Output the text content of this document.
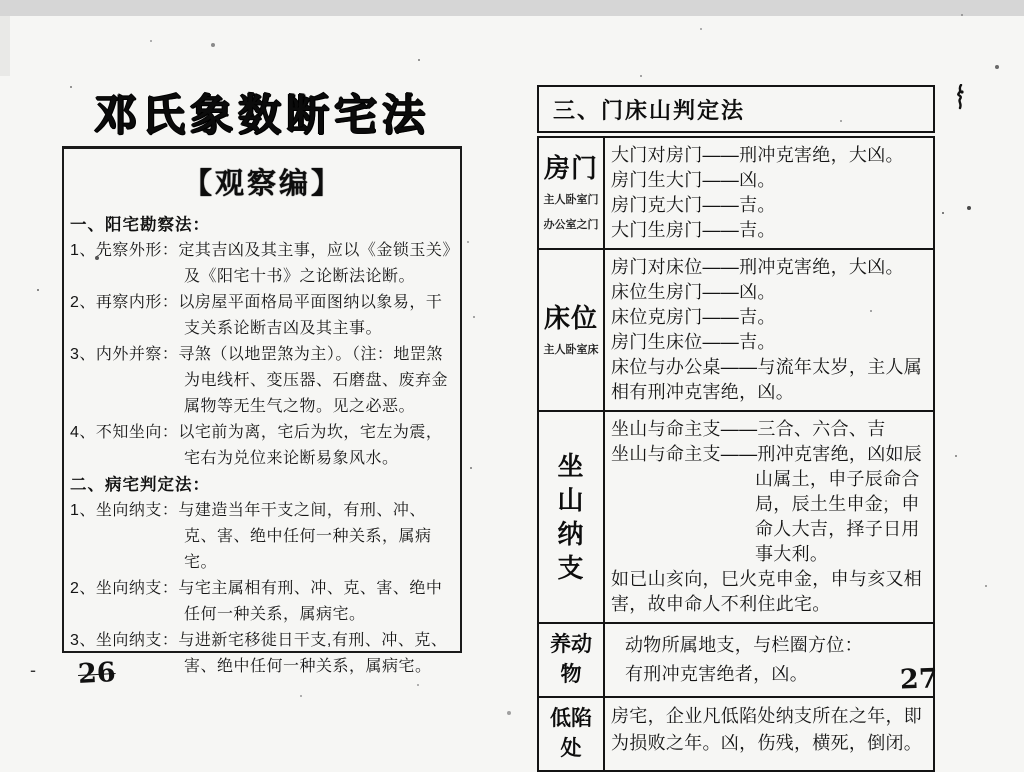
邓氏象数断宅法
【观察编】
一、阳宅勘察法：
1、先察外形：定其吉凶及其主事，应以《金锁玉关》及《阳宅十书》之论断法论断。
2、再察内形：以房屋平面格局平面图纳以象易，干支关系论断吉凶及其主事。
3、内外并察：寻煞（以地罡煞为主）。（注：地罡煞为电线杆、变压器、石磨盘、废弃金属物等无生气之物。见之必恶。
4、不知坐向：以宅前为离，宅后为坎，宅左为震，宅右为兑位来论断易象风水。
二、病宅判定法：
1、坐向纳支：与建造当年干支之间，有刑、冲、克、害、绝中任何一种关系，属病宅。
2、坐向纳支：与宅主属相有刑、冲、克、害、绝中任何一种关系，属病宅。
3、坐向纳支：与进新宅移徙日干支,有刑、冲、克、害、绝中任何一种关系，属病宅。
- 26
三、门床山判定法
房门
主人卧室门
办公室之门
大门对房门——刑冲克害绝，大凶。
房门生大门——凶。
房门克大门——吉。
大门生房门——吉。
床位
主人卧室床
房门对床位——刑冲克害绝，大凶。
床位生房门——凶。
床位克房门——吉。
房门生床位——吉。
床位与办公桌——与流年太岁，主人属相有刑冲克害绝，凶。
坐
山
纳
支
坐山与命主支——三合、六合、吉
坐山与命主支——刑冲克害绝，凶如辰山属土，申子辰命合局，辰土生申金，申命人大吉，择子日用事大利。
如已山亥向，巳火克申金，申与亥又相害，故申命人不利住此宅。
养动物
动物所属地支，与栏圈方位：
有刑冲克害绝者，凶。
低陷处
房宅，企业凡低陷处纳支所在之年，即为损败之年。凶，伤残，横死，倒闭。
27
